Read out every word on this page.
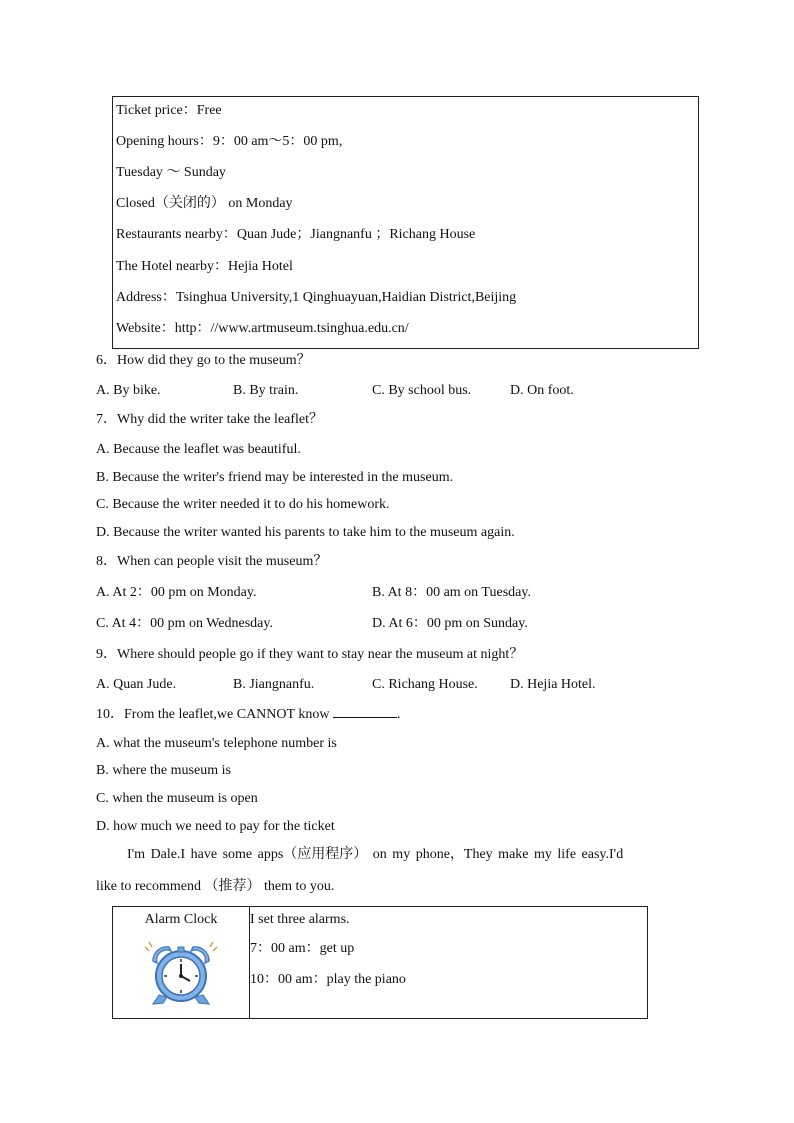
Ticket price：Free
Opening hours：9：00 am～5：00 pm,
Tuesday ～ Sunday
Closed（关闭的） on Monday
Restaurants nearby：Quan Jude；Jiangnanfu ；Richang House
The Hotel nearby：Hejia Hotel
Address：Tsinghua University,1 Qinghuayuan,Haidian District,Beijing
Website：http：//www.artmuseum.tsinghua.edu.cn/
6．How did they go to the museum？
A. By bike.	B. By train.	C. By school bus.	D. On foot.
7．Why did the writer take the leaflet？
A. Because the leaflet was beautiful.
B. Because the writer's friend may be interested in the museum.
C. Because the writer needed it to do his homework.
D. Because the writer wanted his parents to take him to the museum again.
8．When can people visit the museum？
A. At 2：00 pm on Monday.	B. At 8：00 am on Tuesday.
C. At 4：00 pm on Wednesday.	D. At 6：00 pm on Sunday.
9．Where should people go if they want to stay near the museum at night？
A. Quan Jude.	B. Jiangnanfu.	C. Richang House. D. Hejia Hotel.
10．From the leaflet,we CANNOT know	.
A. what the museum's telephone number is
B. where the museum is
C. when the museum is open
D. how much we need to pay for the ticket
I'm Dale.I have some apps（应用程序） on my phone，They make my life easy.I'd
like to recommend （推荐） them to you.
Alarm Clock	I set three alarms.
7：00 am：get up
10：00 am：play the piano
